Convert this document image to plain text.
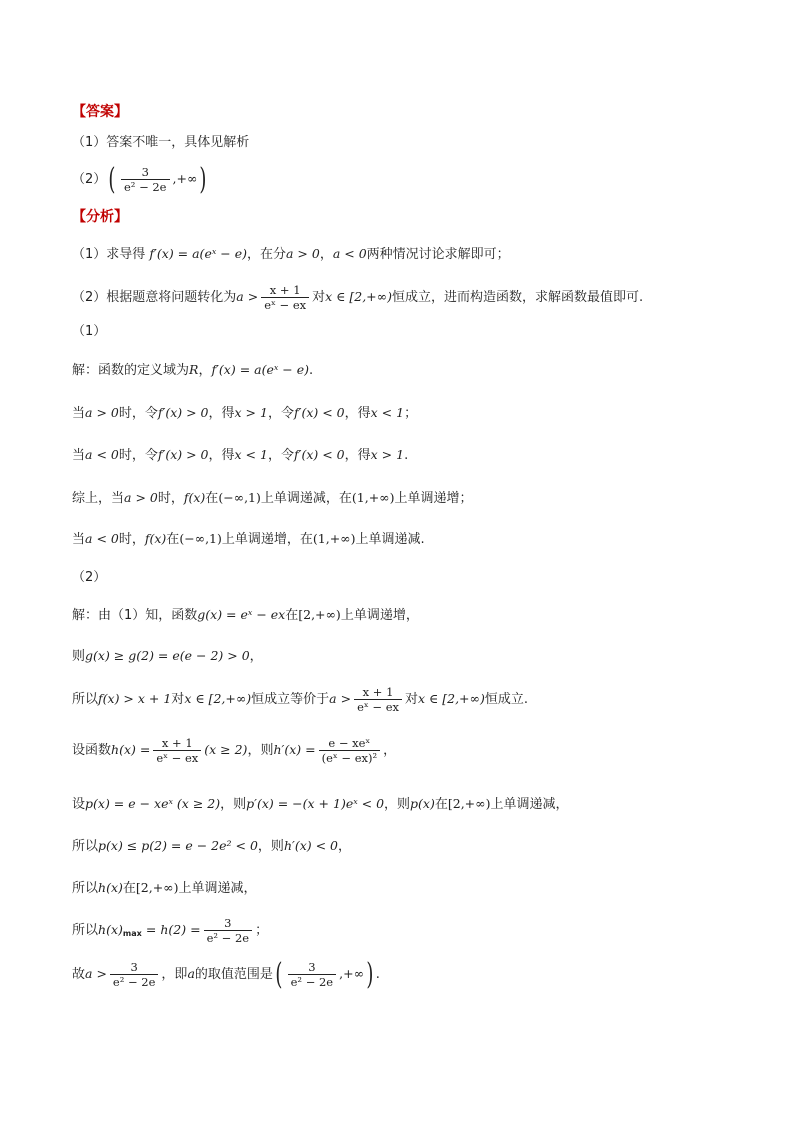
【答案】
（1）答案不唯一，具体见解析
$(2)( \frac{3}{\text{e² − 2e}}$ ,+∞)
【分析】
（1）求导得 f′(x) = a(eˣ − e)，在分a > 0，a < 0两种情况讨论求解即可；
（2）根据题意将问题转化为$a > \frac{x + 1}{\text{eˣ − ex}}$ 对x ∈ [2,+∞)恒成立，进而构造函数，求解函数最值即可.
（1）
解：函数的定义域为R，f′(x) = a(eˣ − e).
当a > 0时，令f′(x) > 0，得x > 1，令f′(x) < 0，得x < 1；
当a < 0时，令f′(x) > 0，得x < 1，令f′(x) < 0，得x > 1.
综上，当a > 0时，f(x)在(−∞,1)上单调递减，在(1,+∞)上单调递增；
当a < 0时，f(x)在(−∞,1)上单调递增，在(1,+∞)上单调递减.
（2）
解：由（1）知，函数g(x) = eˣ − ex在[2,+∞)上单调递增，
则g(x) ≥ g(2) = e(e − 2) > 0，
所以f(x) > x + 1对x ∈ [2,+∞)恒成立等价于$a > \frac{x + 1}{\text{eˣ − ex}}$ 对x ∈ [2,+∞)恒成立.
设函数$h(x) = \frac{x + 1}{\text{eˣ − ex}} (x \ge 2)$，则h′(x) =	e − xeˣ
(eˣ − ex)² ，
设p(x) = e − xeˣ (x ≥ 2)，则p′(x) = −(x + 1)eˣ < 0，则p(x)在[2,+∞)上单调递减，
所以p(x) ≤ p(2) = e − 2e² < 0，则h′(x) < 0，
所以h(x)在[2,+∞)上单调递减，
所以$h(x)_{max} = h(2) = \frac{3}{\text{e² − 2e}}$ ；
故$a > \frac{3}{\text{e² − 2e}}$ ，即a的取值范围是( $\frac{3}{\text{e² − 2e}}$ ,+∞) .
